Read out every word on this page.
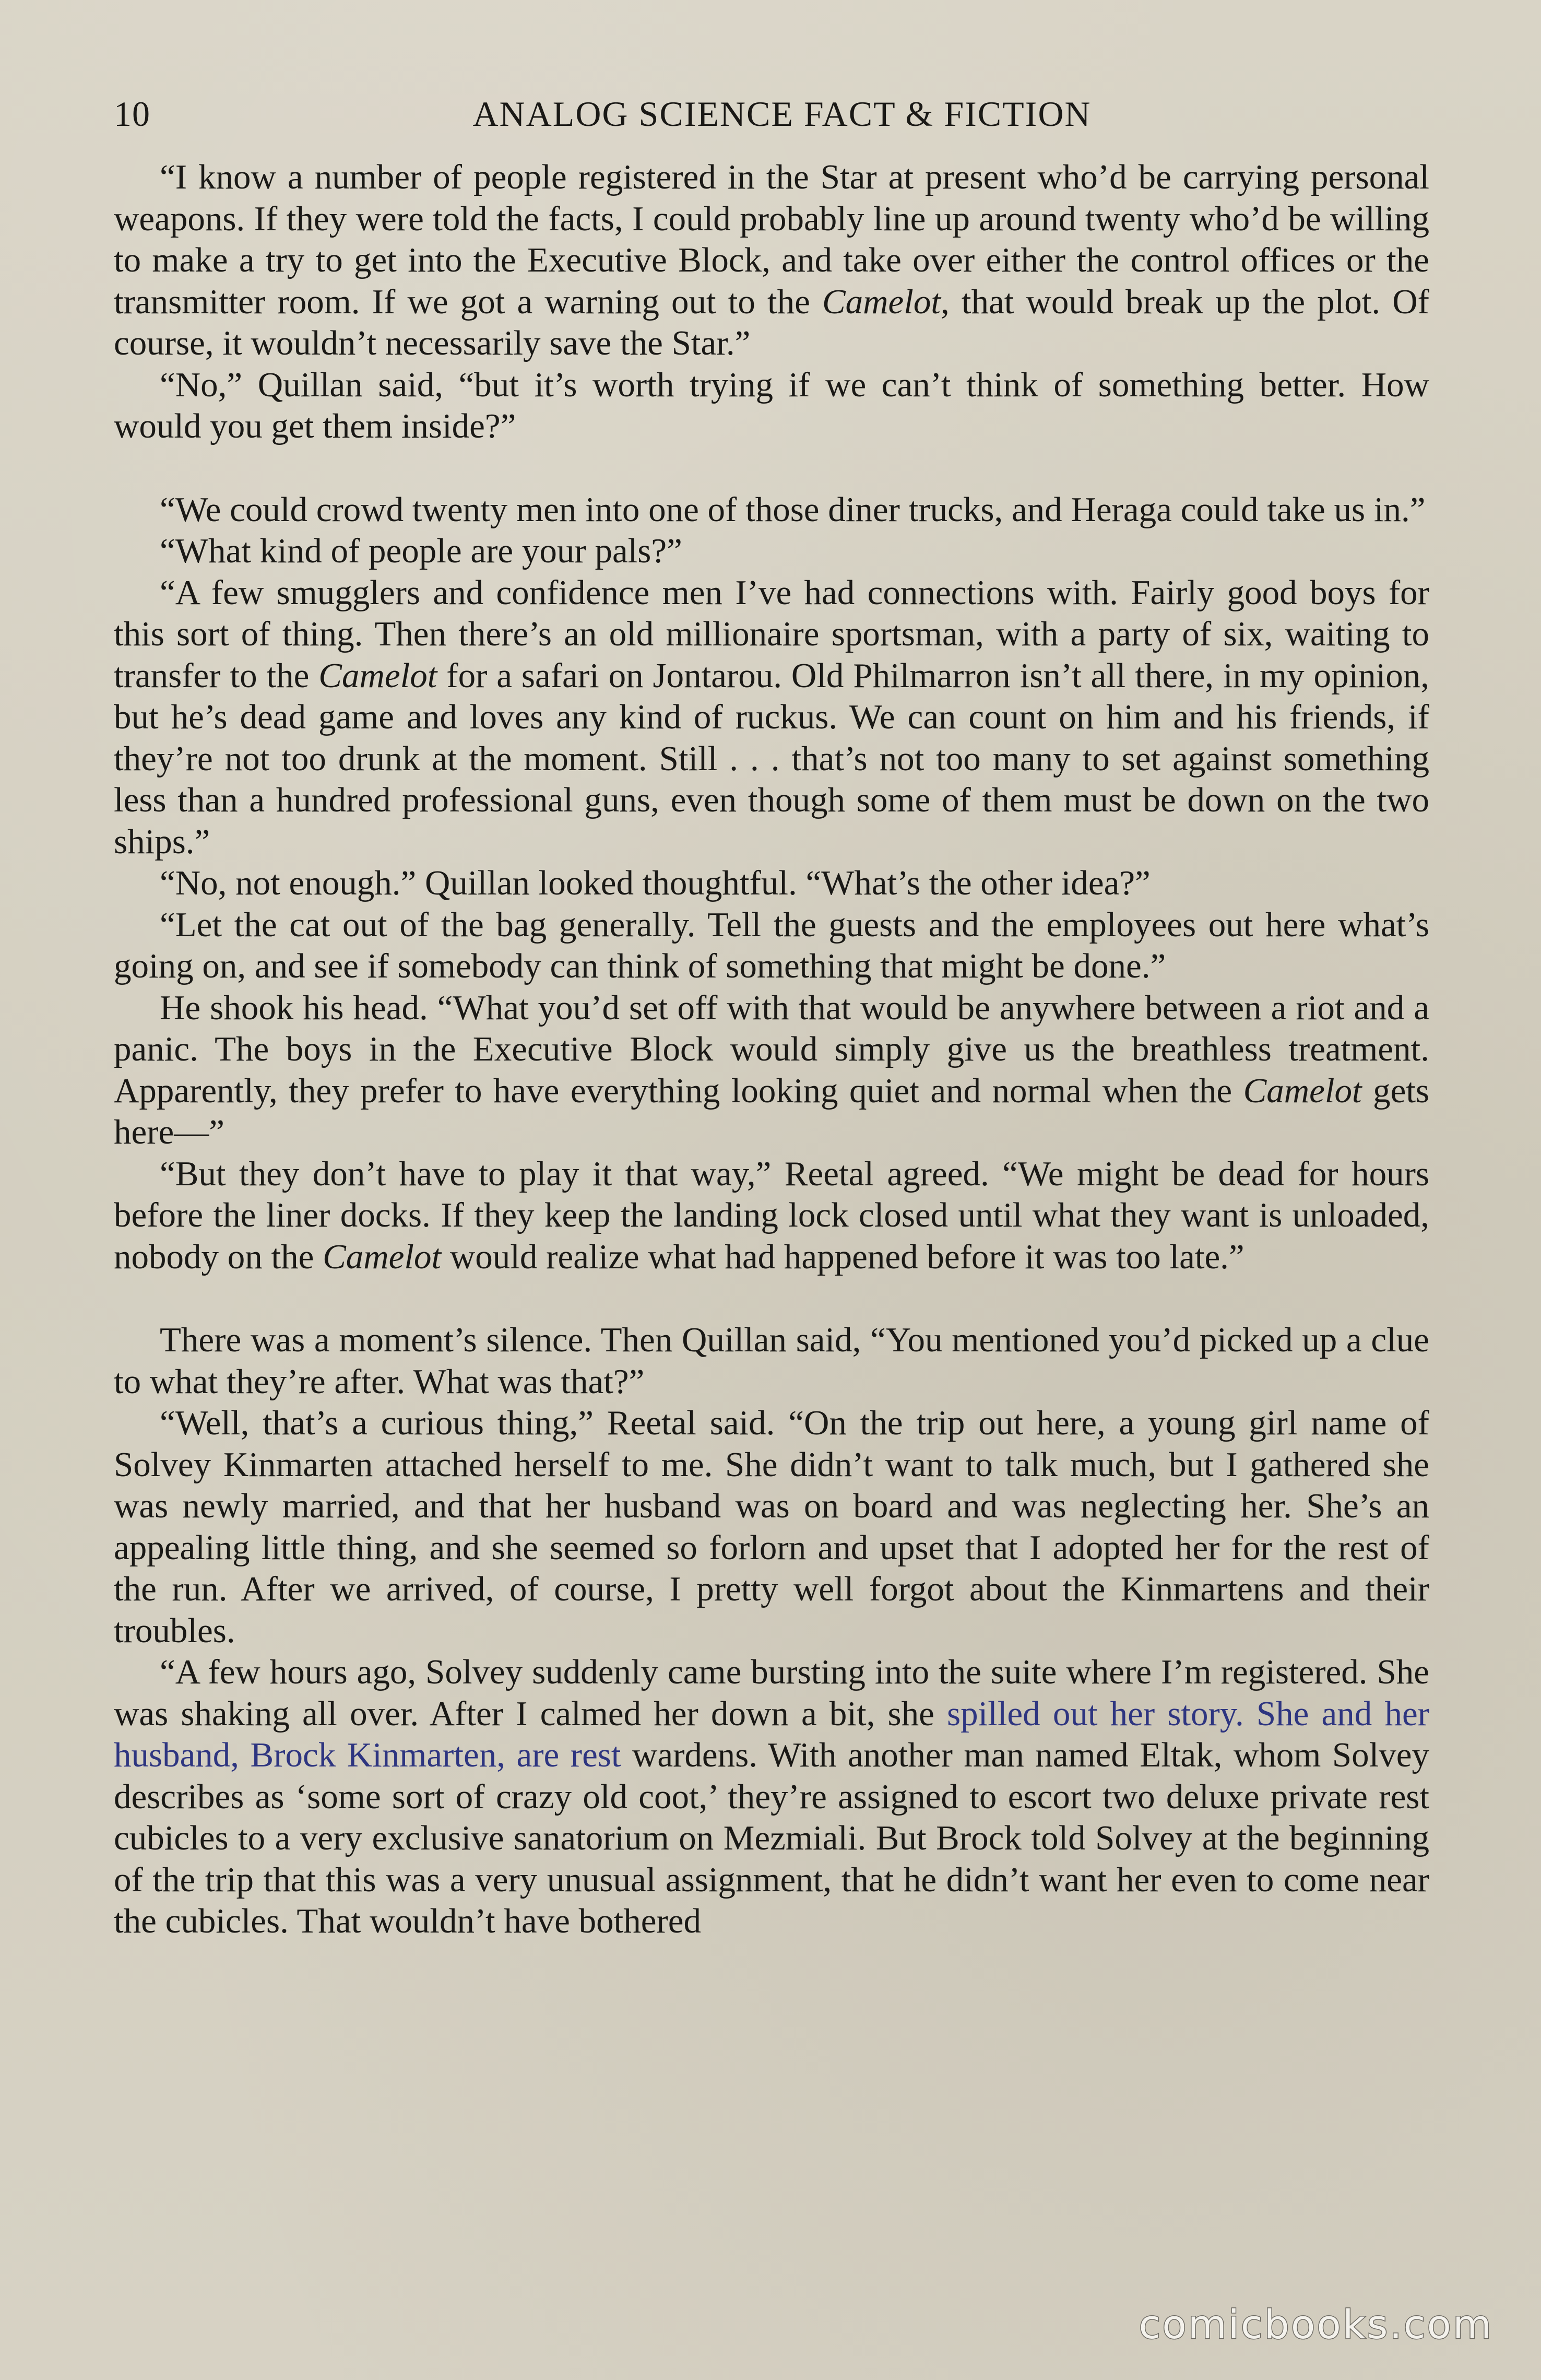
10	ANALOG SCIENCE FACT & FICTION

“I know a number of people registered in the Star at present who’d be carrying personal weapons. If they were told the facts, I could probably line up around twenty who’d be willing to make a try to get into the Executive Block, and take over either the control offices or the transmitter room. If we got a warning out to the Camelot, that would break up the plot. Of course, it wouldn’t necessarily save the Star.”

“No,” Quillan said, “but it’s worth trying if we can’t think of something better. How would you get them inside?”

“We could crowd twenty men into one of those diner trucks, and Heraga could take us in.”

“What kind of people are your pals?”

“A few smugglers and confidence men I’ve had connections with. Fairly good boys for this sort of thing. Then there’s an old millionaire sportsman, with a party of six, waiting to transfer to the Camelot for a safari on Jontarou. Old Philmarron isn’t all there, in my opinion, but he’s dead game and loves any kind of ruckus. We can count on him and his friends, if they’re not too drunk at the moment. Still . . . that’s not too many to set against something less than a hundred professional guns, even though some of them must be down on the two ships.”

“No, not enough.” Quillan looked thoughtful. “What’s the other idea?”

“Let the cat out of the bag generally. Tell the guests and the employees out here what’s going on, and see if somebody can think of something that might be done.”

He shook his head. “What you’d set off with that would be anywhere between a riot and a panic. The boys in the Executive Block would simply give us the breathless treatment. Apparently, they prefer to have everything looking quiet and normal when the Camelot gets here—”

“But they don’t have to play it that way,” Reetal agreed. “We might be dead for hours before the liner docks. If they keep the landing lock closed until what they want is unloaded, nobody on the Camelot would realize what had happened before it was too late.”

There was a moment’s silence. Then Quillan said, “You mentioned you’d picked up a clue to what they’re after. What was that?”

“Well, that’s a curious thing,” Reetal said. “On the trip out here, a young girl name of Solvey Kinmarten attached herself to me. She didn’t want to talk much, but I gathered she was newly married, and that her husband was on board and was neglecting her. She’s an appealing little thing, and she seemed so forlorn and upset that I adopted her for the rest of the run. After we arrived, of course, I pretty well forgot about the Kinmartens and their troubles.

“A few hours ago, Solvey suddenly came bursting into the suite where I’m registered. She was shaking all over. After I calmed her down a bit, she spilled out her story. She and her husband, Brock Kinmarten, are rest wardens. With another man named Eltak, whom Solvey describes as ‘some sort of crazy old coot,’ they’re assigned to escort two deluxe private rest cubicles to a very exclusive sanatorium on Mezmiali. But Brock told Solvey at the beginning of the trip that this was a very unusual assignment, that he didn’t want her even to come near the cubicles. That wouldn’t have bothered

comicbooks.com
